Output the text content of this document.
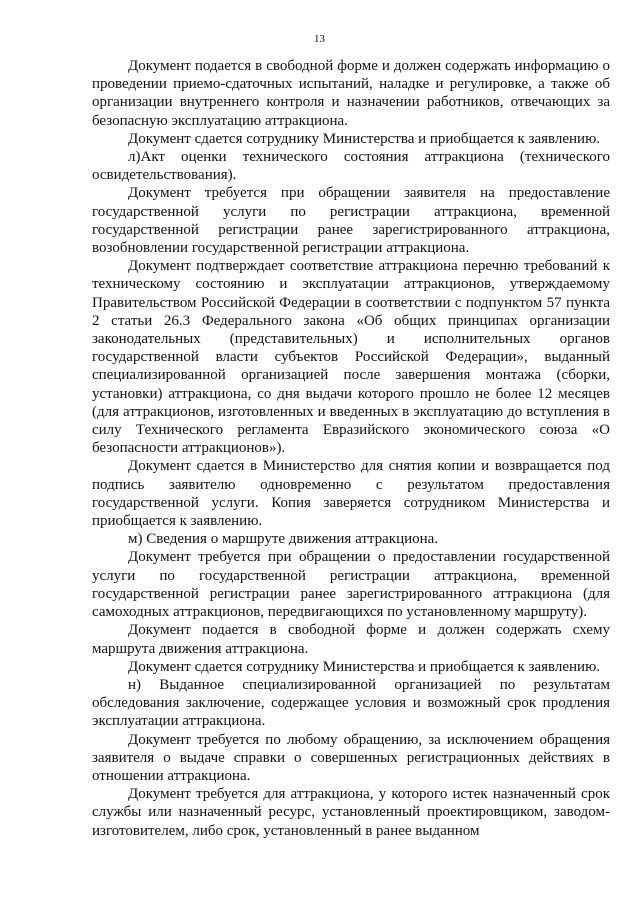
13

Документ подается в свободной форме и должен содержать информацию о проведении приемо-сдаточных испытаний, наладке и регулировке, а также об организации внутреннего контроля и назначении работников, отвечающих за безопасную эксплуатацию аттракциона.

Документ сдается сотруднику Министерства и приобщается к заявлению.

л)Акт оценки технического состояния аттракциона (технического освидетельствования).

Документ требуется при обращении заявителя на предоставление государственной услуги по регистрации аттракциона, временной государственной регистрации ранее зарегистрированного аттракциона, возобновлении государственной регистрации аттракциона.

Документ подтверждает соответствие аттракциона перечню требований к техническому состоянию и эксплуатации аттракционов, утверждаемому Правительством Российской Федерации в соответствии с подпунктом 57 пункта 2 статьи 26.3 Федерального закона «Об общих принципах организации законодательных (представительных) и исполнительных органов государственной власти субъектов Российской Федерации», выданный специализированной организацией после завершения монтажа (сборки, установки) аттракциона, со дня выдачи которого прошло не более 12 месяцев (для аттракционов, изготовленных и введенных в эксплуатацию до вступления в силу Технического регламента Евразийского экономического союза «О безопасности аттракционов»).

Документ сдается в Министерство для снятия копии и возвращается под подпись заявителю одновременно с результатом предоставления государственной услуги. Копия заверяется сотрудником Министерства и приобщается к заявлению.

м) Сведения о маршруте движения аттракциона.

Документ требуется при обращении о предоставлении государственной услуги по государственной регистрации аттракциона, временной государственной регистрации ранее зарегистрированного аттракциона (для самоходных аттракционов, передвигающихся по установленному маршруту).

Документ подается в свободной форме и должен содержать схему маршрута движения аттракциона.

Документ сдается сотруднику Министерства и приобщается к заявлению.

н) Выданное специализированной организацией по результатам обследования заключение, содержащее условия и возможный срок продления эксплуатации аттракциона.

Документ требуется по любому обращению, за исключением обращения заявителя о выдаче справки о совершенных регистрационных действиях в отношении аттракциона.

Документ требуется для аттракциона, у которого истек назначенный срок службы или назначенный ресурс, установленный проектировщиком, заводом-изготовителем, либо срок, установленный в ранее выданном
